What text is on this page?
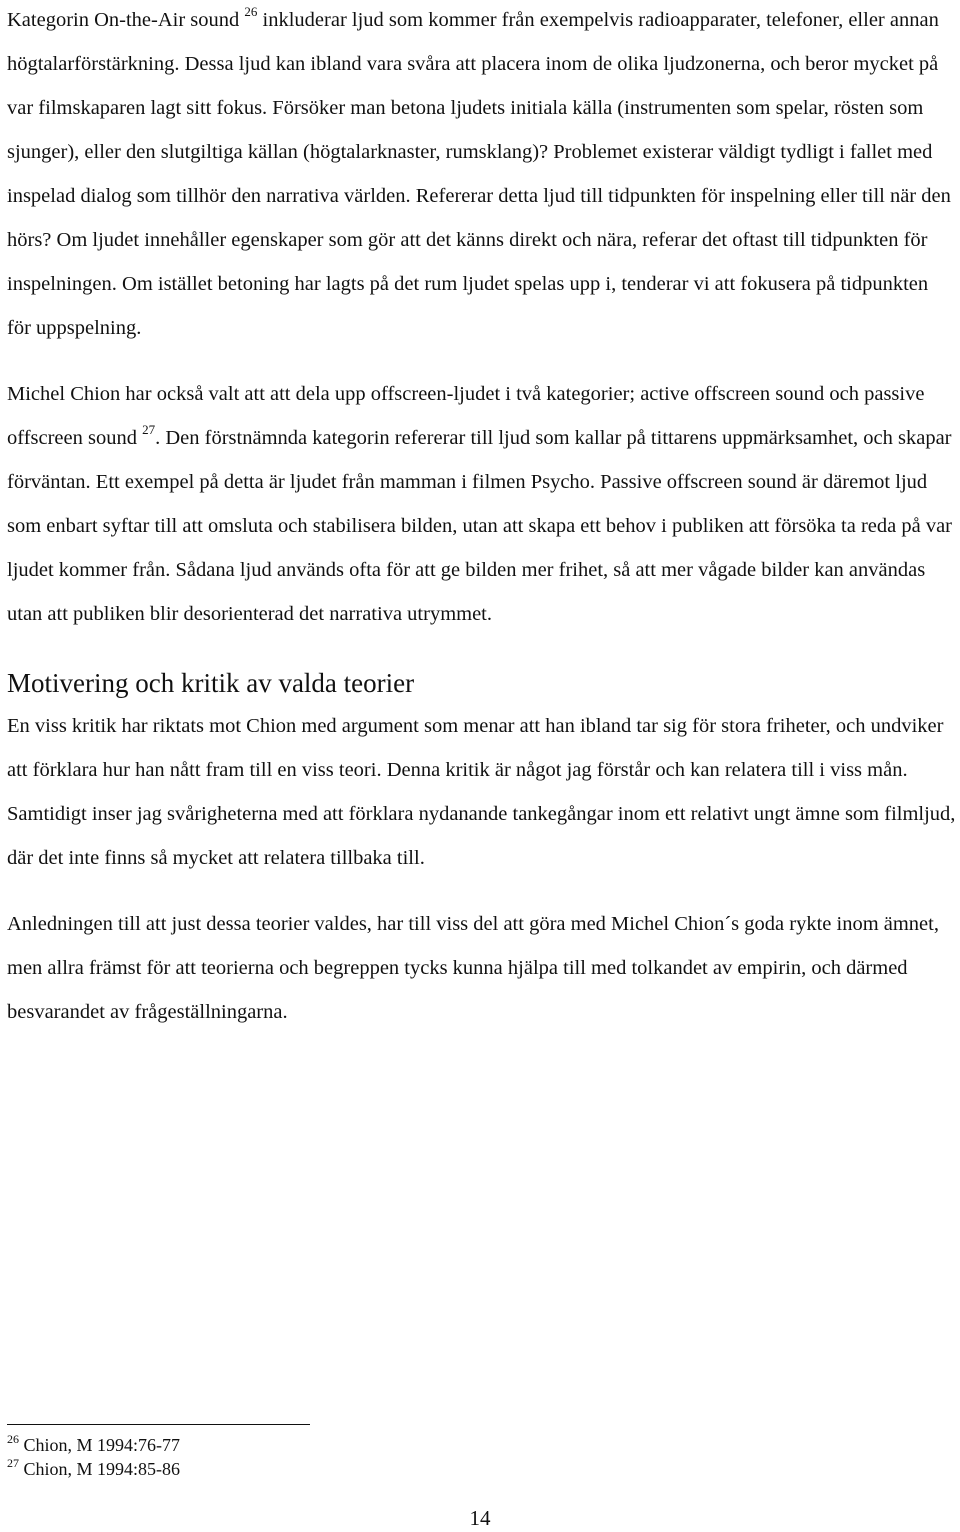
Kategorin On-the-Air sound $^{26}$ inkluderar ljud som kommer från exempelvis radioapparater, telefoner, eller annan högtalarförstärkning. Dessa ljud kan ibland vara svåra att placera inom de olika ljudzonerna, och beror mycket på var filmskaparen lagt sitt fokus. Försöker man betona ljudets initiala källa (instrumenten som spelar, rösten som sjunger), eller den slutgiltiga källan (högtalarknaster, rumsklang)? Problemet existerar väldigt tydligt i fallet med inspelad dialog som tillhör den narrativa världen. Refererar detta ljud till tidpunkten för inspelning eller till när den hörs? Om ljudet innehåller egenskaper som gör att det känns direkt och nära, referar det oftast till tidpunkten för inspelningen. Om istället betoning har lagts på det rum ljudet spelas upp i, tenderar vi att fokusera på tidpunkten för uppspelning.

Michel Chion har också valt att att dela upp offscreen-ljudet i två kategorier; active offscreen sound och passive offscreen sound $^{27}$. Den förstnämnda kategorin refererar till ljud som kallar på tittarens uppmärksamhet, och skapar förväntan. Ett exempel på detta är ljudet från mamman i filmen Psycho. Passive offscreen sound är däremot ljud som enbart syftar till att omsluta och stabilisera bilden, utan att skapa ett behov i publiken att försöka ta reda på var ljudet kommer från. Sådana ljud används ofta för att ge bilden mer frihet, så att mer vågade bilder kan användas utan att publiken blir desorienterad det narrativa utrymmet.

Motivering och kritik av valda teorier

En viss kritik har riktats mot Chion med argument som menar att han ibland tar sig för stora friheter, och undviker att förklara hur han nått fram till en viss teori. Denna kritik är något jag förstår och kan relatera till i viss mån. Samtidigt inser jag svårigheterna med att förklara nydanande tankegångar inom ett relativt ungt ämne som filmljud, där det inte finns så mycket att relatera tillbaka till.

Anledningen till att just dessa teorier valdes, har till viss del att göra med Michel Chion´s goda rykte inom ämnet, men allra främst för att teorierna och begreppen tycks kunna hjälpa till med tolkandet av empirin, och därmed besvarandet av frågeställningarna.

$^{26}$ Chion, M 1994:76-77
$^{27}$ Chion, M 1994:85-86
14
